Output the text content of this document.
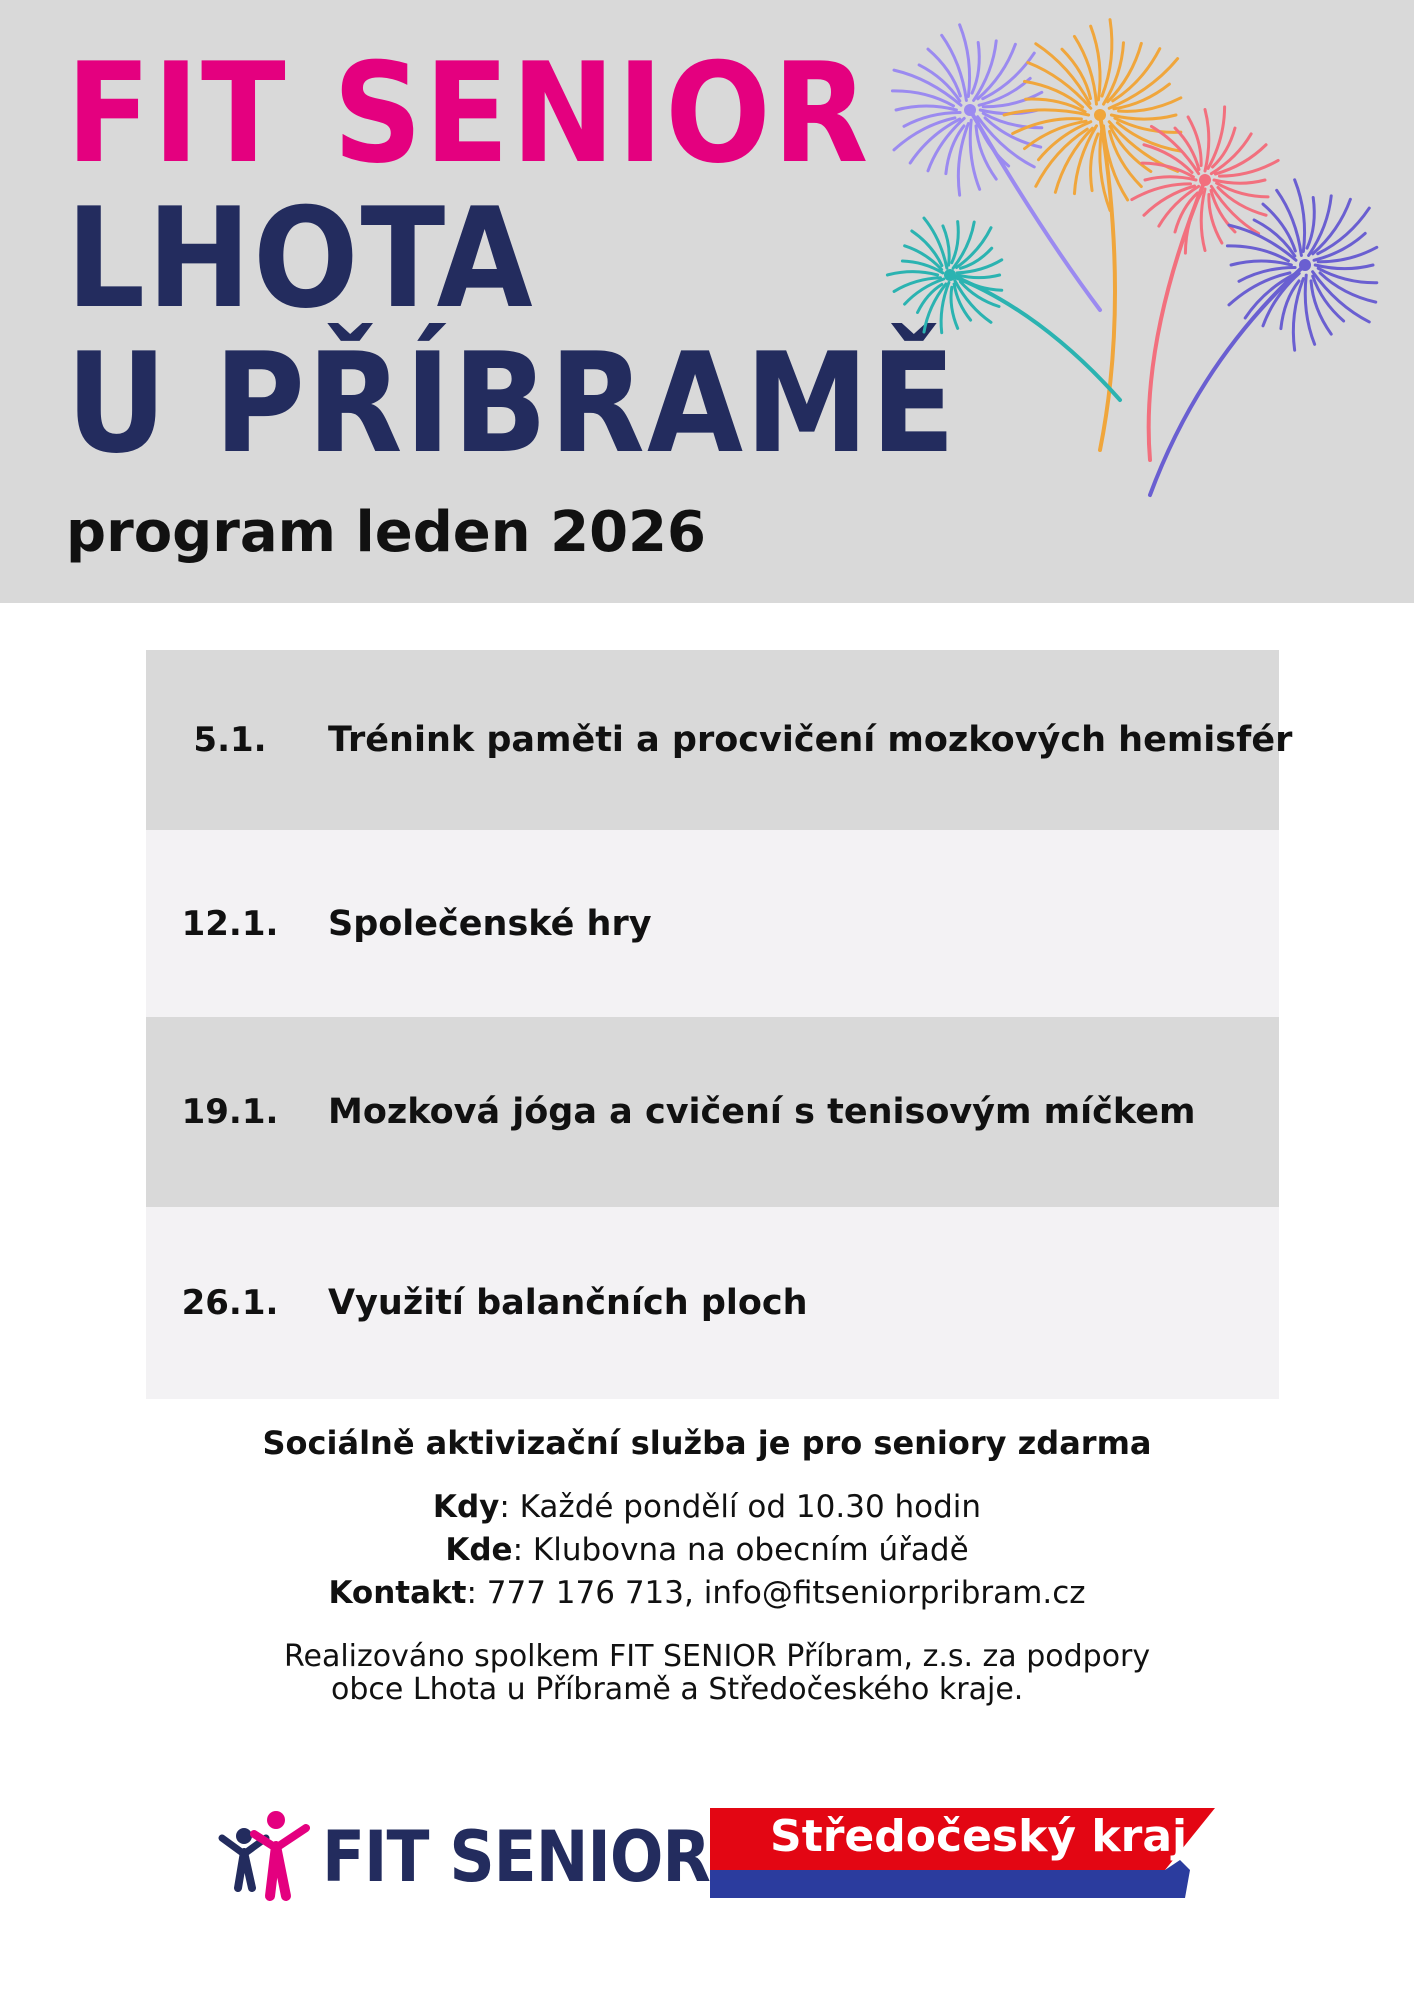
FIT SENIOR
LHOTA
U PŘÍBRAMĚ

program leden 2026

5.1.	Trénink paměti a procvičení mozkových hemisfér
12.1.	Společenské hry
19.1.	Mozková jóga a cvičení s tenisovým míčkem
26.1.	Využití balančních ploch
Sociálně aktivizační služba je pro seniory zdarma
Kdy: Každé pondělí od 10.30 hodin
Kde: Klubovna na obecním úřadě
Kontakt: 777 176 713, info@fitseniorpribram.cz
Realizováno spolkem FIT SENIOR Příbram, z.s. za podpory
obce Lhota u Příbramě a Středočeského kraje.
FIT SENIOR Středočeský kraj
